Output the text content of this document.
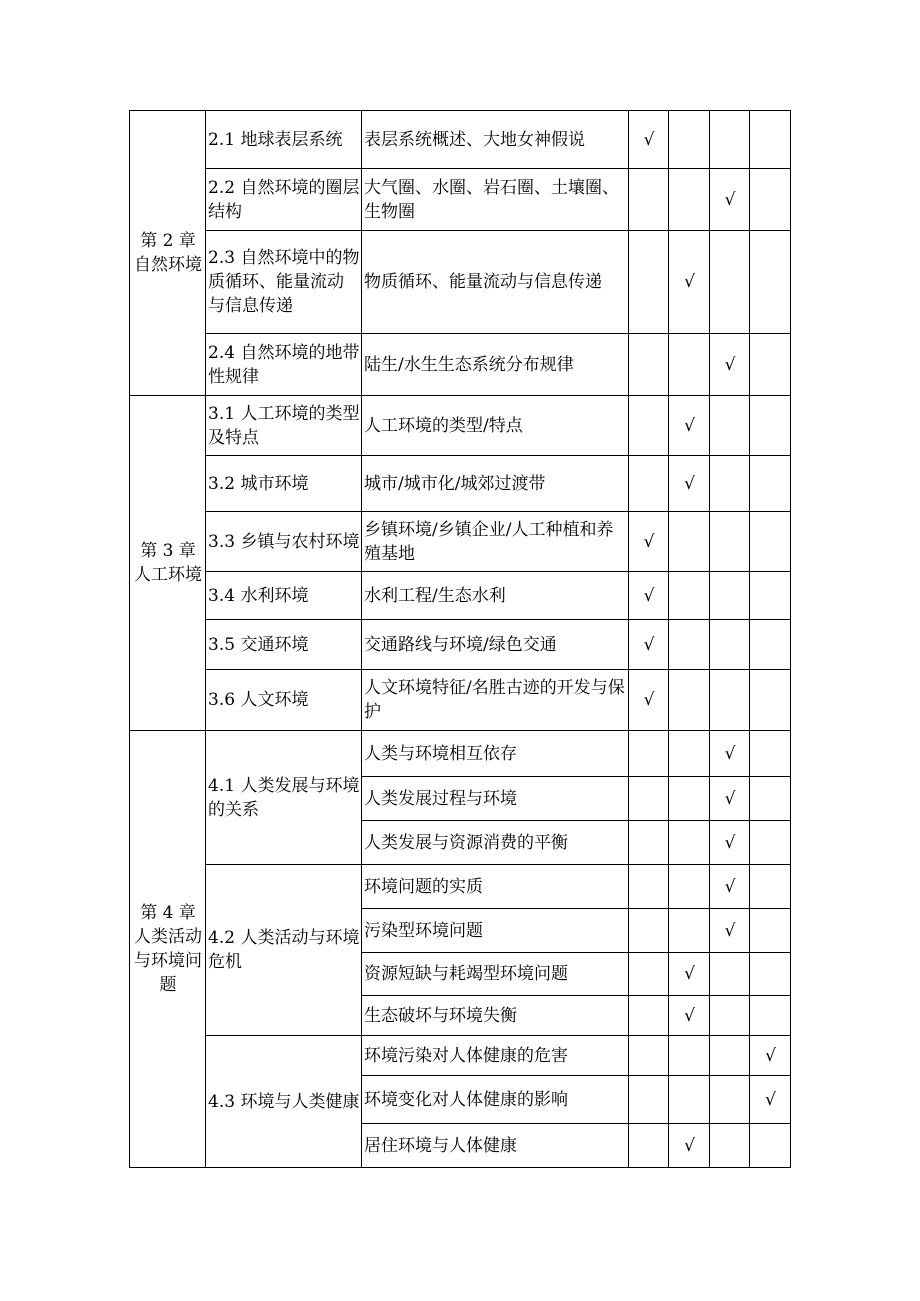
第 2 章自然环境	2.1 地球表层系统	表层系统概述、大地女神假说	√			
	2.2 自然环境的圈层结构	大气圈、水圈、岩石圈、土壤圈、生物圈			√	
	2.3 自然环境中的物质循环、能量流动与信息传递	物质循环、能量流动与信息传递		√		
	2.4 自然环境的地带性规律	陆生/水生生态系统分布规律			√	
第 3 章人工环境	3.1 人工环境的类型及特点	人工环境的类型/特点		√		
	3.2 城市环境	城市/城市化/城郊过渡带		√		
	3.3 乡镇与农村环境	乡镇环境/乡镇企业/人工种植和养殖基地	√			
	3.4 水利环境	水利工程/生态水利	√			
	3.5 交通环境	交通路线与环境/绿色交通	√			
	3.6 人文环境	人文环境特征/名胜古迹的开发与保护	√			
第 4 章人类活动与环境问题	4.1 人类发展与环境的关系	人类与环境相互依存			√	
		人类发展过程与环境			√	
		人类发展与资源消费的平衡			√	
	4.2 人类活动与环境危机	环境问题的实质			√	
		污染型环境问题			√	
		资源短缺与耗竭型环境问题		√		
		生态破坏与环境失衡		√		
	4.3 环境与人类健康	环境污染对人体健康的危害				√
		环境变化对人体健康的影响				√
		居住环境与人体健康		√		
